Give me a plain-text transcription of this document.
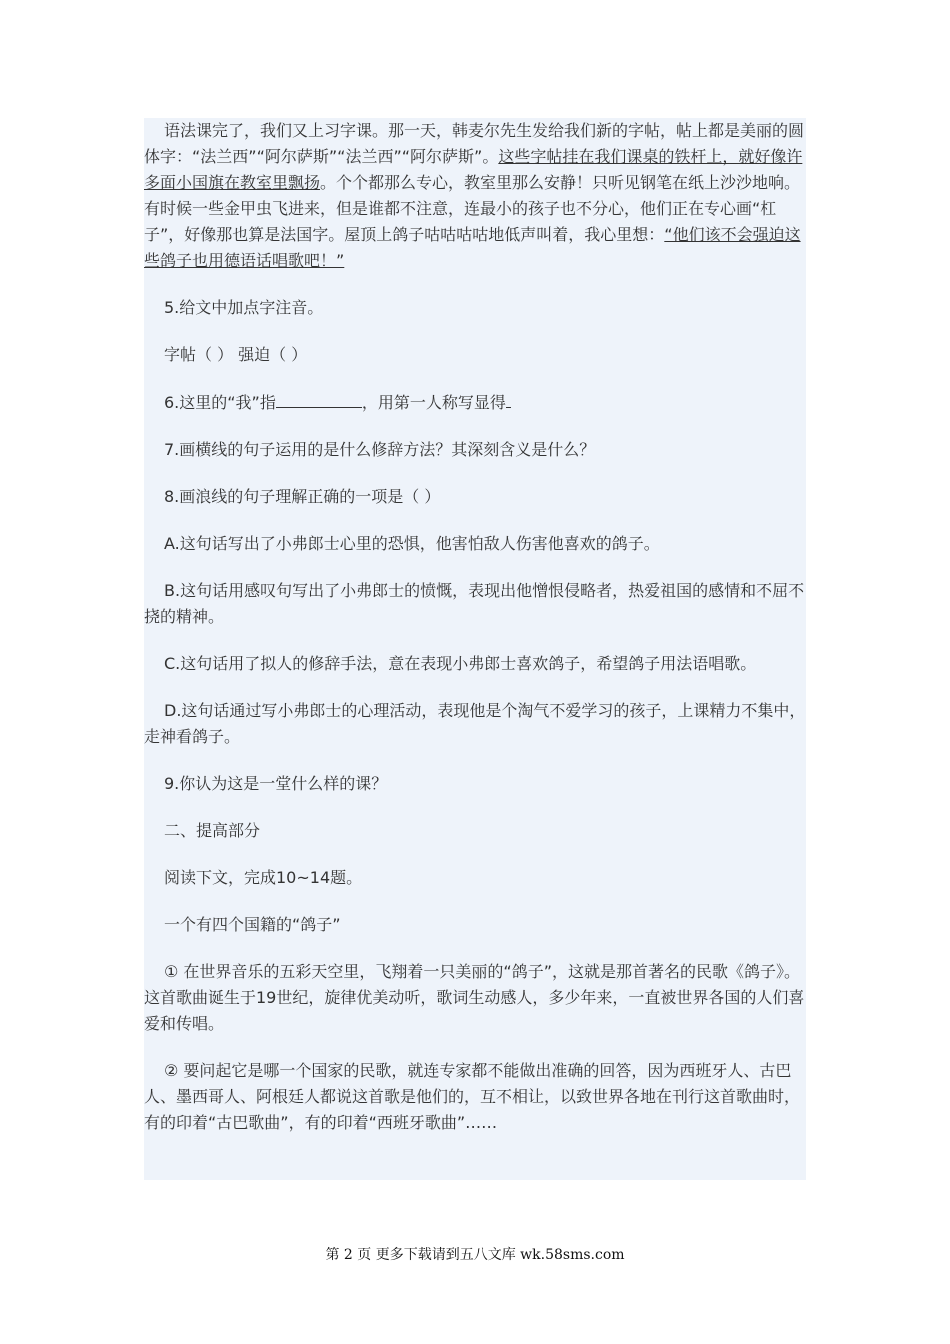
语法课完了，我们又上习字课。那一天，韩麦尔先生发给我们新的字帖，帖上都是美丽的圆体字：“法兰西”“阿尔萨斯”“法兰西”“阿尔萨斯”。这些字帖挂在我们课桌的铁杆上，就好像许多面小国旗在教室里飘扬。个个都那么专心，教室里那么安静！只听见钢笔在纸上沙沙地响。有时候一些金甲虫飞进来，但是谁都不注意，连最小的孩子也不分心，他们正在专心画“杠子”，好像那也算是法国字。屋顶上鸽子咕咕咕咕地低声叫着，我心里想：“他们该不会强迫这些鸽子也用德语话唱歌吧！”

5.给文中加点字注音。

字帖（ ） 强迫（ ）

6.这里的“我”指	，用第一人称写显得

7.画横线的句子运用的是什么修辞方法？其深刻含义是什么？

8.画浪线的句子理解正确的一项是（ ）

A.这句话写出了小弗郎士心里的恐惧，他害怕敌人伤害他喜欢的鸽子。

B.这句话用感叹句写出了小弗郎士的愤慨，表现出他憎恨侵略者，热爱祖国的感情和不屈不挠的精神。

C.这句话用了拟人的修辞手法，意在表现小弗郎士喜欢鸽子，希望鸽子用法语唱歌。

D.这句话通过写小弗郎士的心理活动，表现他是个淘气不爱学习的孩子，上课精力不集中，走神看鸽子。

9.你认为这是一堂什么样的课？

二、提高部分

阅读下文，完成10~14题。

一个有四个国籍的“鸽子”

① 在世界音乐的五彩天空里，飞翔着一只美丽的“鸽子”，这就是那首著名的民歌《鸽子》。这首歌曲诞生于19世纪，旋律优美动听，歌词生动感人，多少年来，一直被世界各国的人们喜爱和传唱。

② 要问起它是哪一个国家的民歌，就连专家都不能做出准确的回答，因为西班牙人、古巴人、墨西哥人、阿根廷人都说这首歌是他们的，互不相让，以致世界各地在刊行这首歌曲时，有的印着“古巴歌曲”，有的印着“西班牙歌曲”……

第 2 页 更多下载请到五八文库 wk.58sms.com
